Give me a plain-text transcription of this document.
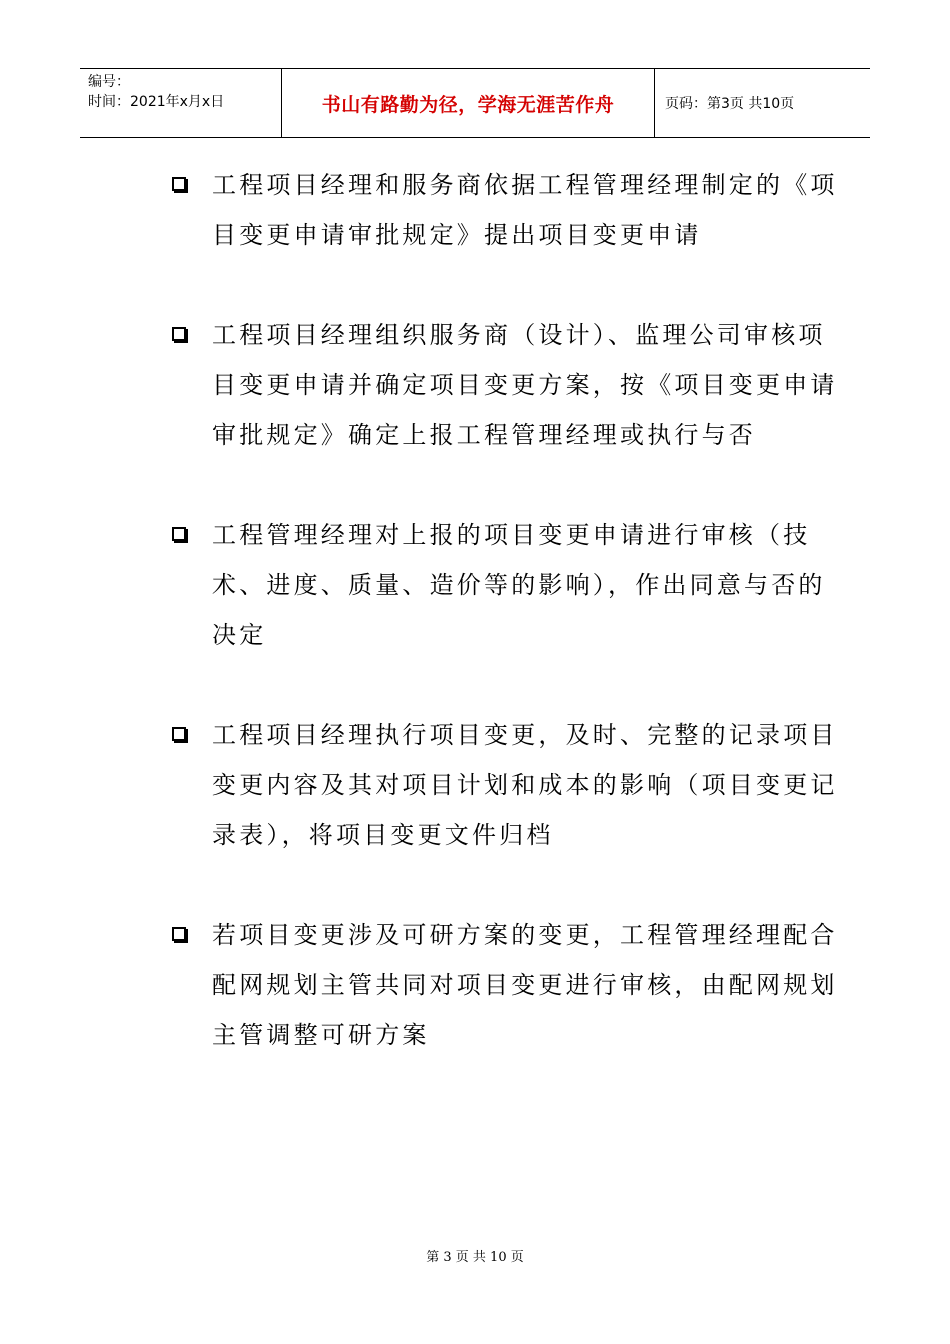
编号：
时间：2021年x月x日	书山有路勤为径，学海无涯苦作舟	页码：第3页 共10页
工程项目经理和服务商依据工程管理经理制定的《项目变更申请审批规定》提出项目变更申请
工程项目经理组织服务商（设计）、监理公司审核项目变更申请并确定项目变更方案，按《项目变更申请审批规定》确定上报工程管理经理或执行与否
工程管理经理对上报的项目变更申请进行审核（技术、进度、质量、造价等的影响），作出同意与否的决定
工程项目经理执行项目变更，及时、完整的记录项目变更内容及其对项目计划和成本的影响（项目变更记录表），将项目变更文件归档
若项目变更涉及可研方案的变更，工程管理经理配合配网规划主管共同对项目变更进行审核，由配网规划主管调整可研方案
第 3 页 共 10 页
